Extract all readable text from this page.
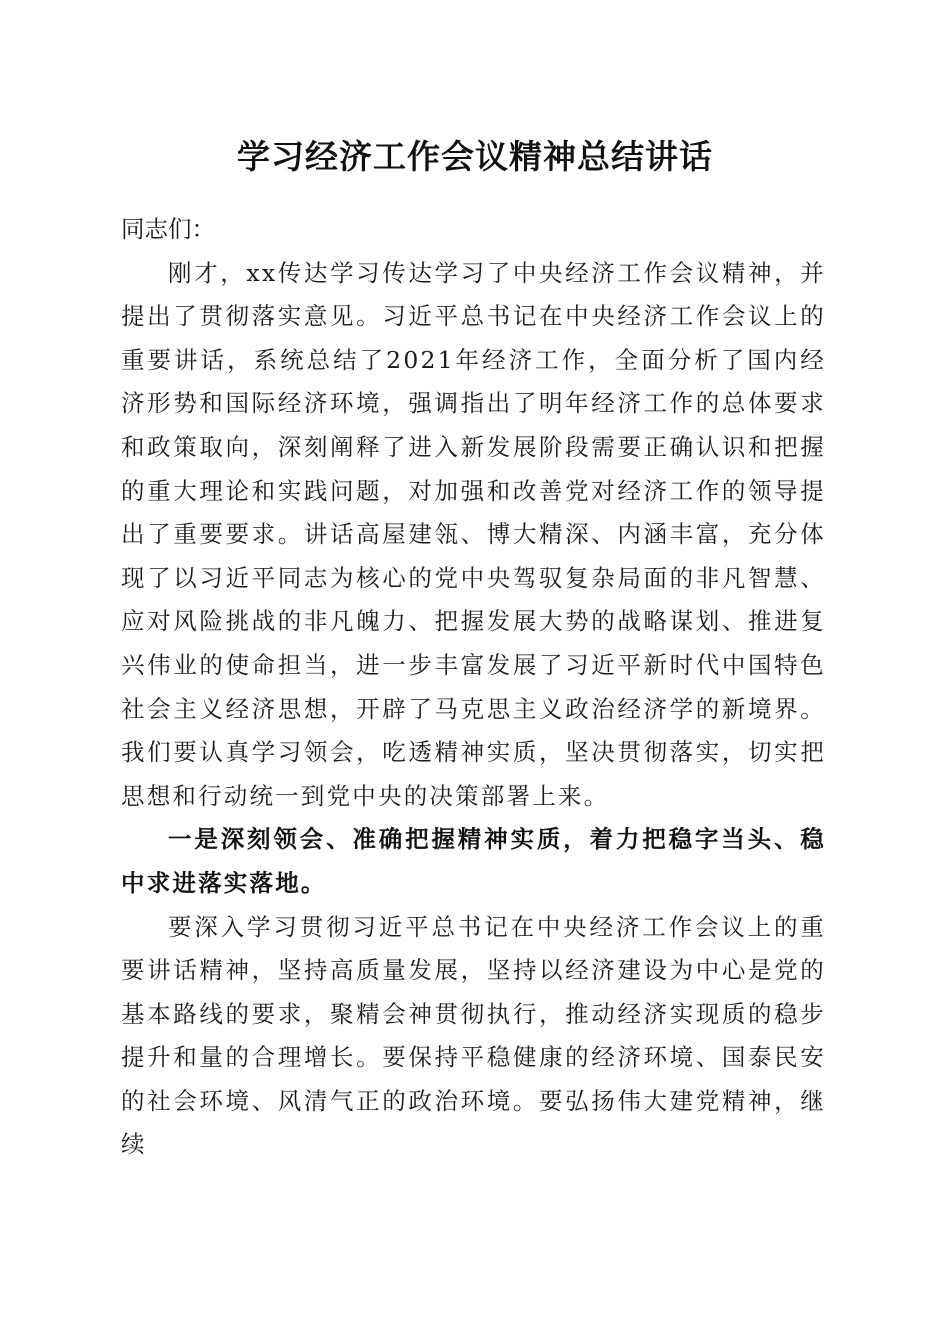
学习经济工作会议精神总结讲话

同志们：

刚才，xx传达学习传达学习了中央经济工作会议精神，并提出了贯彻落实意见。习近平总书记在中央经济工作会议上的重要讲话，系统总结了2021年经济工作，全面分析了国内经济形势和国际经济环境，强调指出了明年经济工作的总体要求和政策取向，深刻阐释了进入新发展阶段需要正确认识和把握的重大理论和实践问题，对加强和改善党对经济工作的领导提出了重要要求。讲话高屋建瓴、博大精深、内涵丰富，充分体现了以习近平同志为核心的党中央驾驭复杂局面的非凡智慧、应对风险挑战的非凡魄力、把握发展大势的战略谋划、推进复兴伟业的使命担当，进一步丰富发展了习近平新时代中国特色社会主义经济思想，开辟了马克思主义政治经济学的新境界。我们要认真学习领会，吃透精神实质，坚决贯彻落实，切实把思想和行动统一到党中央的决策部署上来。

一是深刻领会、准确把握精神实质，着力把稳字当头、稳中求进落实落地。

要深入学习贯彻习近平总书记在中央经济工作会议上的重要讲话精神，坚持高质量发展，坚持以经济建设为中心是党的基本路线的要求，聚精会神贯彻执行，推动经济实现质的稳步提升和量的合理增长。要保持平稳健康的经济环境、国泰民安的社会环境、风清气正的政治环境。要弘扬伟大建党精神，继续
